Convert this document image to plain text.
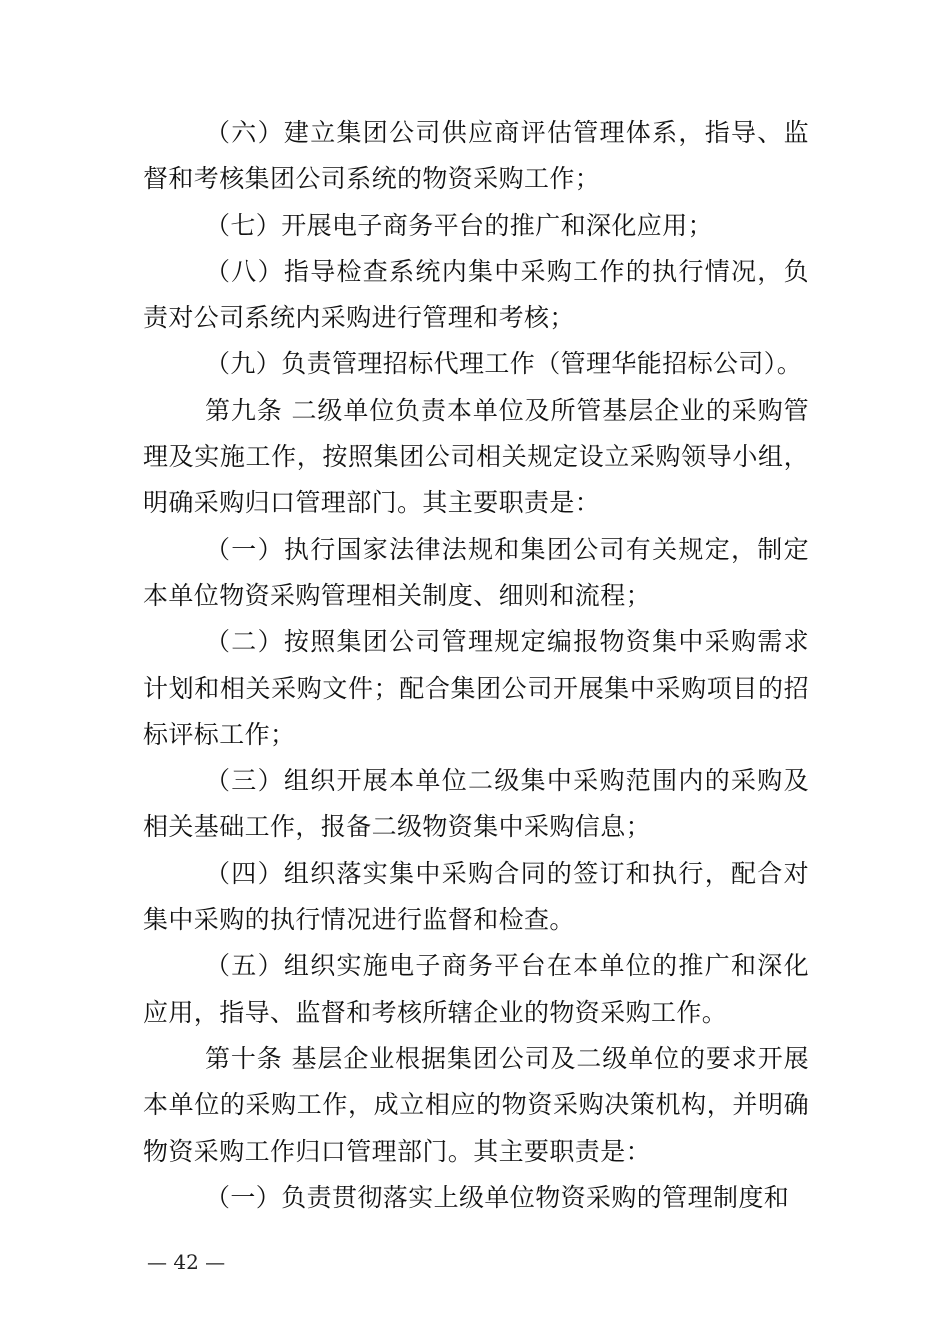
（六）建立集团公司供应商评估管理体系，指导、监督和考核集团公司系统的物资采购工作；

（七）开展电子商务平台的推广和深化应用；

（八）指导检查系统内集中采购工作的执行情况，负责对公司系统内采购进行管理和考核；

（九）负责管理招标代理工作（管理华能招标公司）。

第九条 二级单位负责本单位及所管基层企业的采购管理及实施工作，按照集团公司相关规定设立采购领导小组，明确采购归口管理部门。其主要职责是：

（一）执行国家法律法规和集团公司有关规定，制定本单位物资采购管理相关制度、细则和流程；

（二）按照集团公司管理规定编报物资集中采购需求计划和相关采购文件；配合集团公司开展集中采购项目的招标评标工作；

（三）组织开展本单位二级集中采购范围内的采购及相关基础工作，报备二级物资集中采购信息；

（四）组织落实集中采购合同的签订和执行，配合对集中采购的执行情况进行监督和检查。

（五）组织实施电子商务平台在本单位的推广和深化应用，指导、监督和考核所辖企业的物资采购工作。

第十条 基层企业根据集团公司及二级单位的要求开展本单位的采购工作，成立相应的物资采购决策机构，并明确物资采购工作归口管理部门。其主要职责是：

（一）负责贯彻落实上级单位物资采购的管理制度和

— 42 —
